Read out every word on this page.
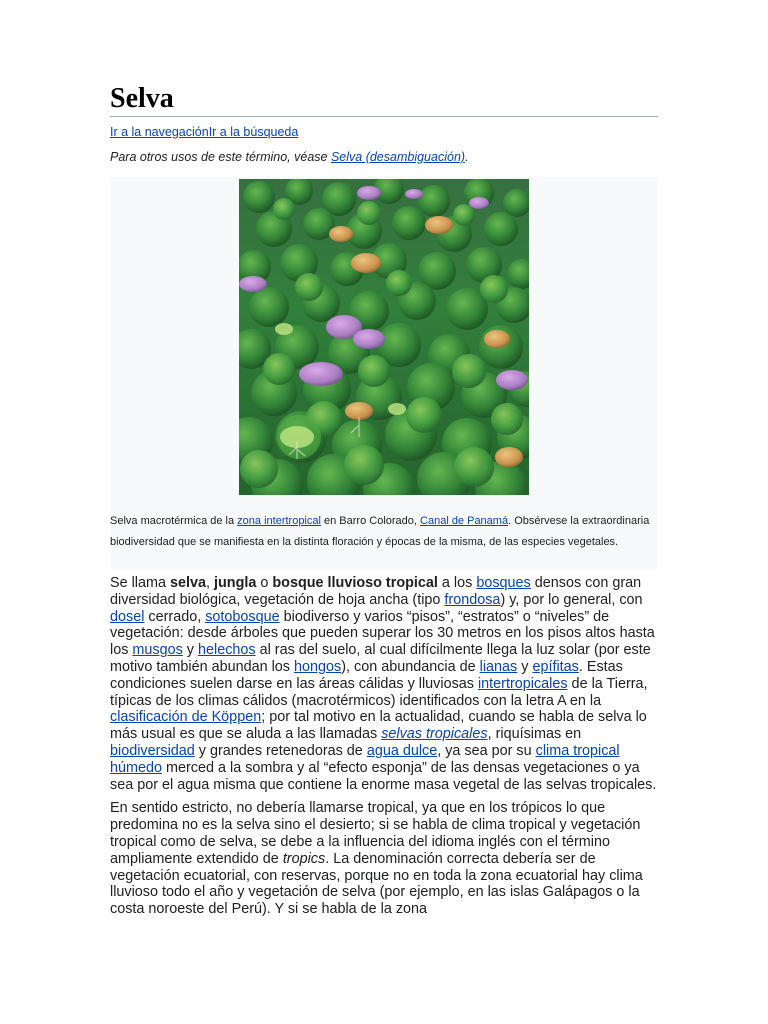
Selva
Ir a la navegaciónIr a la búsqueda
Para otros usos de este término, véase Selva (desambiguación).
Selva macrotérmica de la zona intertropical en Barro Colorado, Canal de Panamá. Obsérvese la extraordinaria biodiversidad que se manifiesta en la distinta floración y épocas de la misma, de las especies vegetales.

Se llama selva, jungla o bosque lluvioso tropical a los bosques densos con gran diversidad biológica, vegetación de hoja ancha (tipo frondosa) y, por lo general, con dosel cerrado, sotobosque biodiverso y varios “pisos”, “estratos” o “niveles” de vegetación: desde árboles que pueden superar los 30 metros en los pisos altos hasta los musgos y helechos al ras del suelo, al cual difícilmente llega la luz solar (por este motivo también abundan los hongos), con abundancia de lianas y epífitas. Estas condiciones suelen darse en las áreas cálidas y lluviosas intertropicales de la Tierra, típicas de los climas cálidos (macrotérmicos) identificados con la letra A en la clasificación de Köppen; por tal motivo en la actualidad, cuando se habla de selva lo más usual es que se aluda a las llamadas selvas tropicales, riquísimas en biodiversidad y grandes retenedoras de agua dulce, ya sea por su clima tropical húmedo merced a la sombra y al “efecto esponja” de las densas vegetaciones o ya sea por el agua misma que contiene la enorme masa vegetal de las selvas tropicales.

En sentido estricto, no debería llamarse tropical, ya que en los trópicos lo que predomina no es la selva sino el desierto; si se habla de clima tropical y vegetación tropical como de selva, se debe a la influencia del idioma inglés con el término ampliamente extendido de tropics. La denominación correcta debería ser de vegetación ecuatorial, con reservas, porque no en toda la zona ecuatorial hay clima lluvioso todo el año y vegetación de selva (por ejemplo, en las islas Galápagos o la costa noroeste del Perú). Y si se habla de la zona
